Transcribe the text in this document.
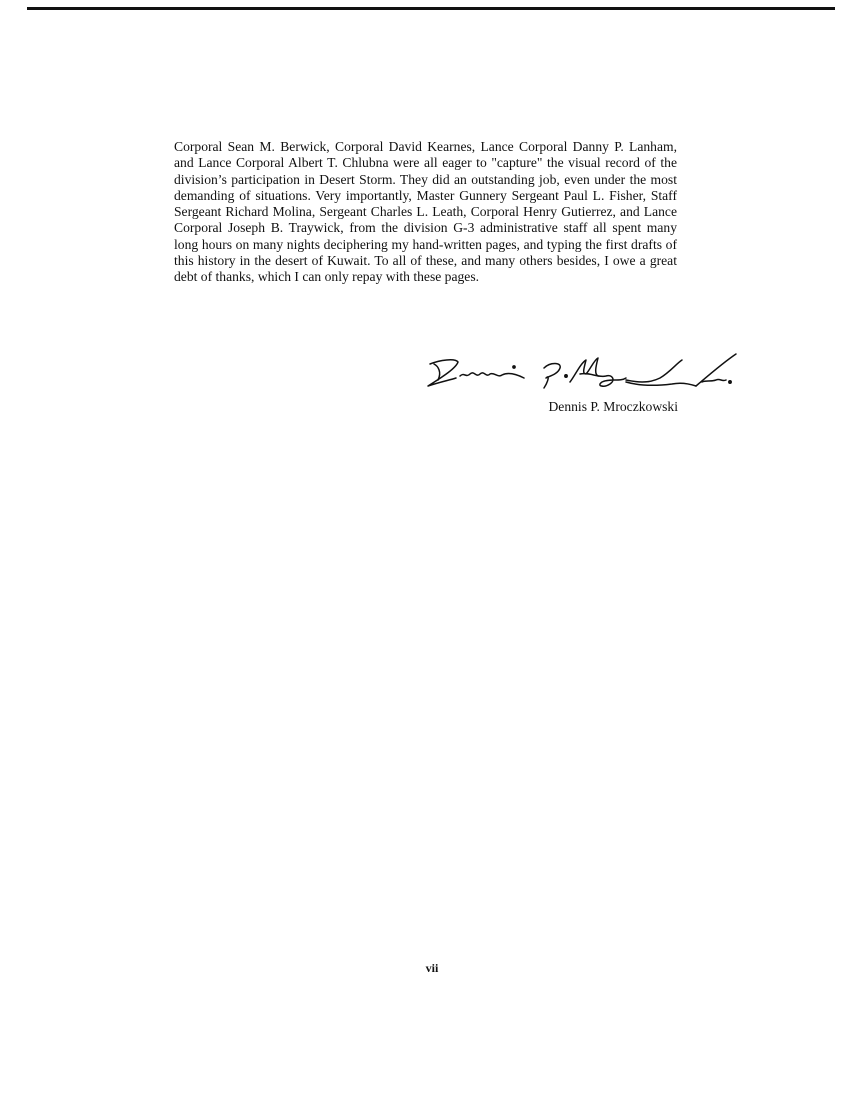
Corporal Sean M. Berwick, Corporal David Kearnes, Lance Corporal Danny P. Lanham, and Lance Corporal Albert T. Chlubna were all eager to "capture" the visual record of the division’s participation in Desert Storm. They did an outstanding job, even under the most demanding of situations. Very importantly, Master Gunnery Sergeant Paul L. Fisher, Staff Sergeant Richard Molina, Sergeant Charles L. Leath, Corporal Henry Gutierrez, and Lance Corporal Joseph B. Traywick, from the division G-3 administrative staff all spent many long hours on many nights deciphering my hand-written pages, and typing the first drafts of this history in the desert of Kuwait. To all of these, and many others besides, I owe a great debt of thanks, which I can only repay with these pages.

Dennis P. Mroczkowski

vii
